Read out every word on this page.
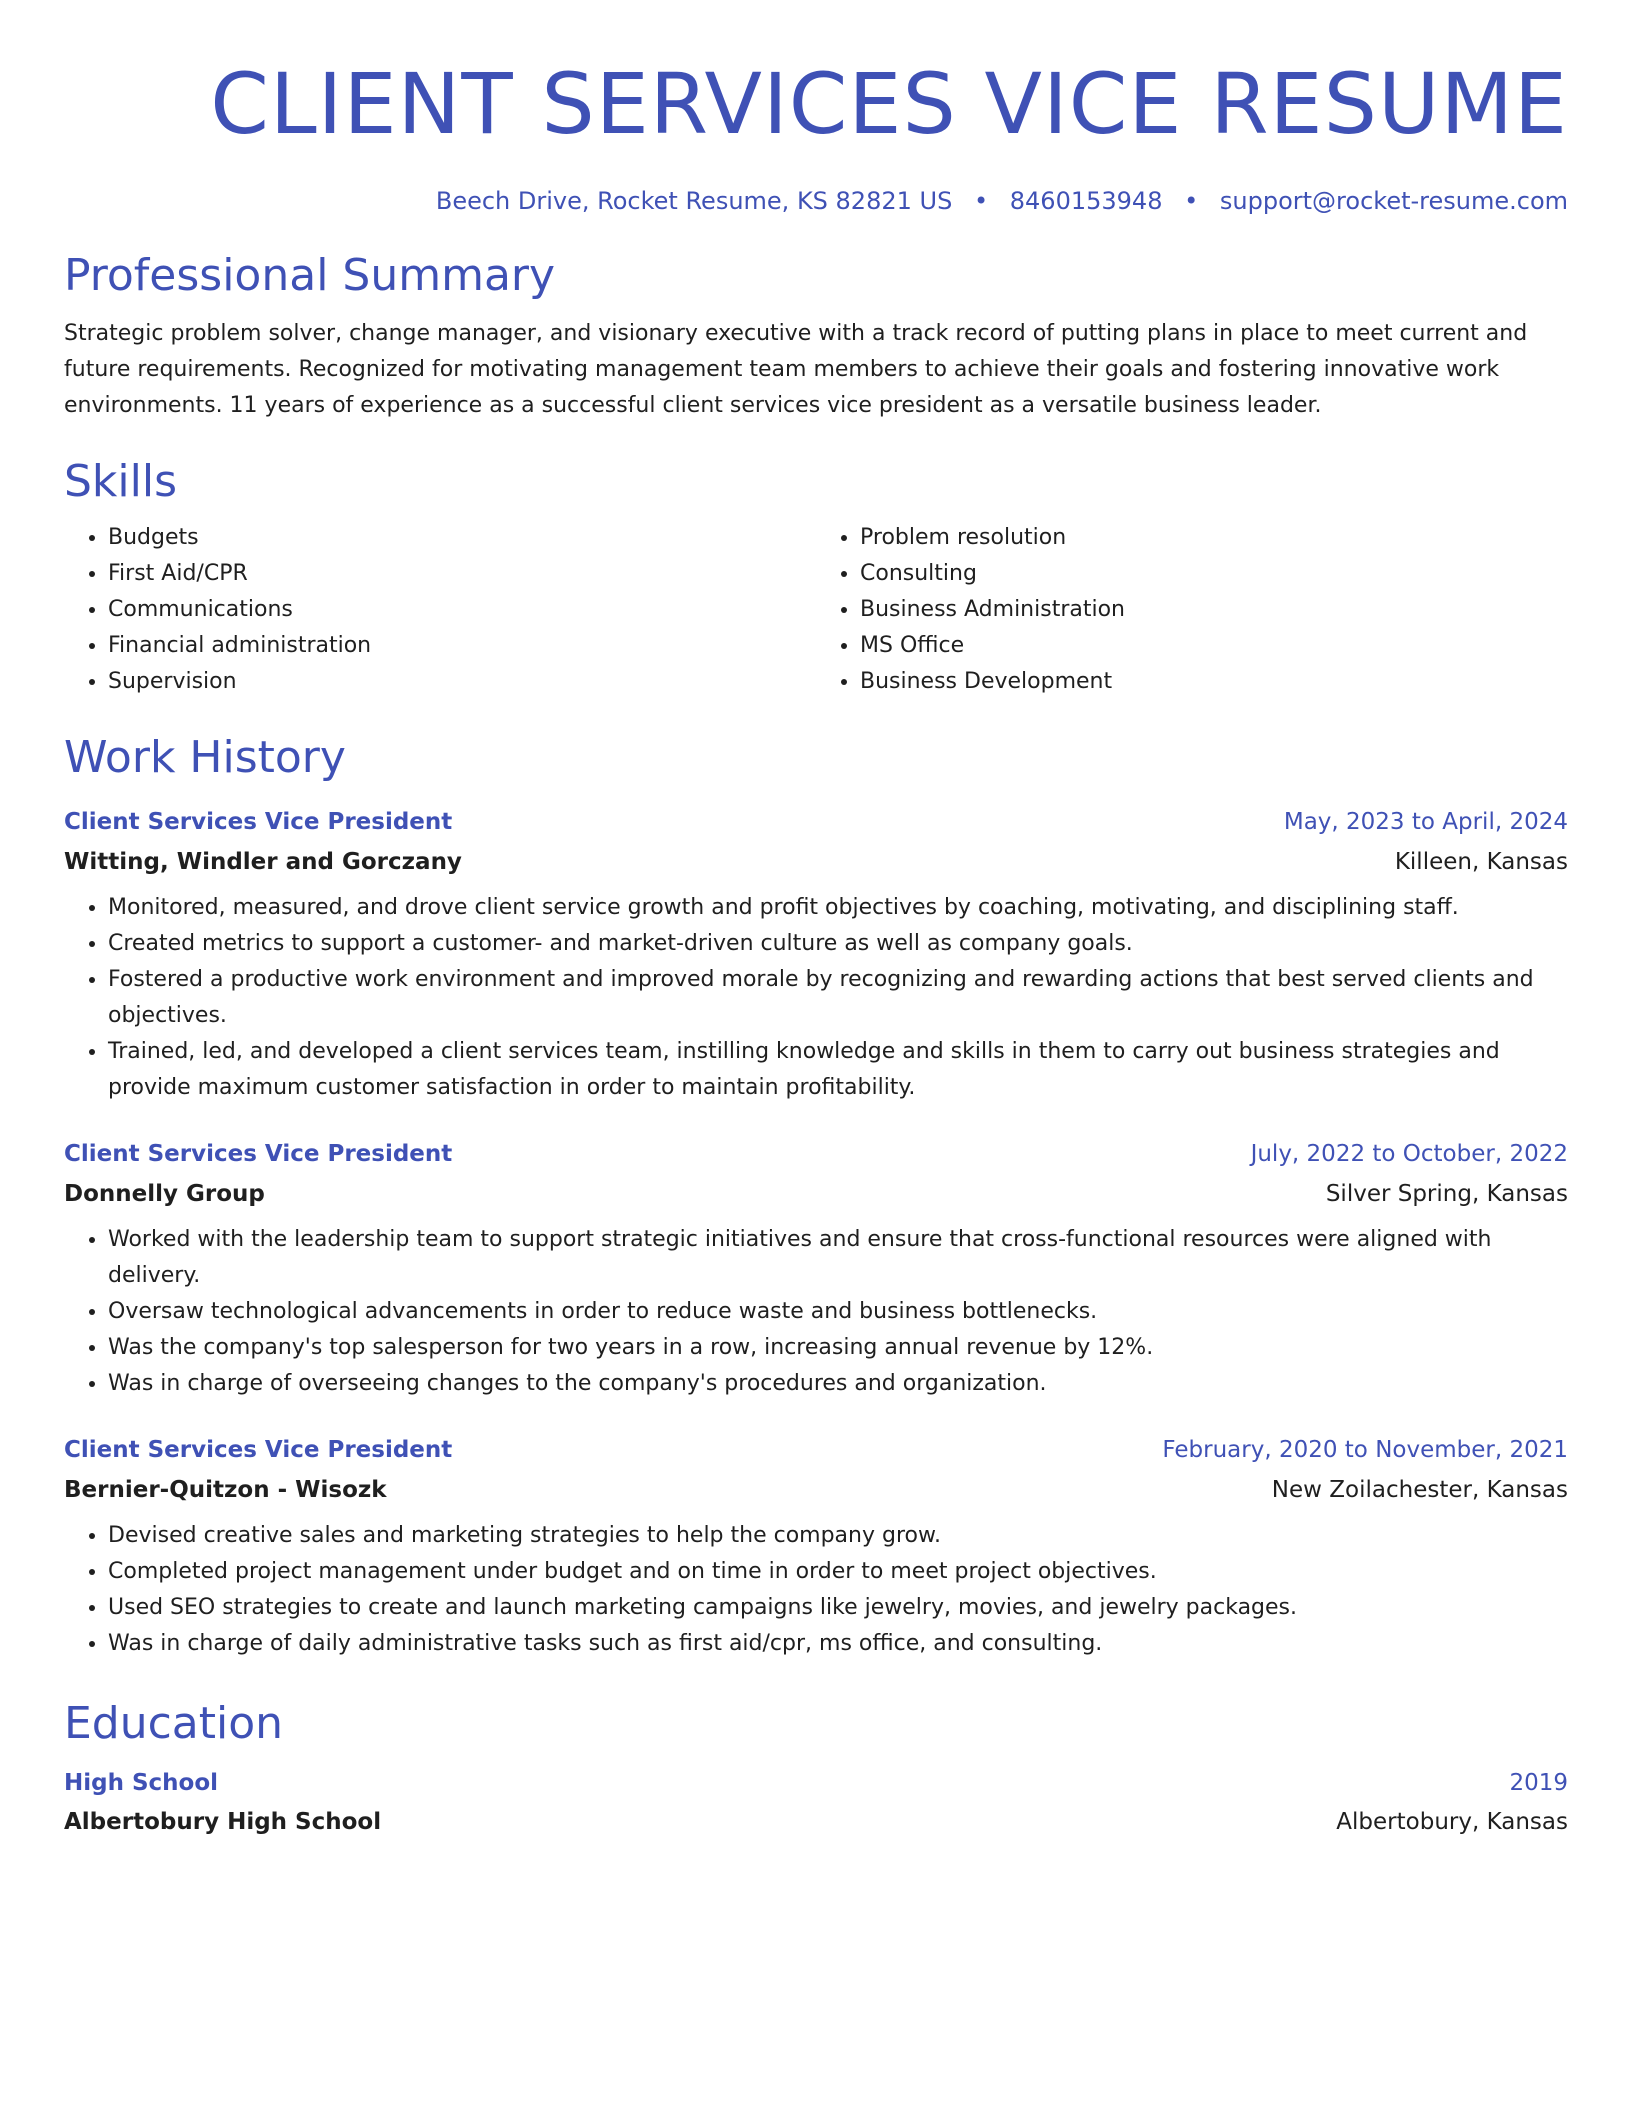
CLIENT SERVICES VICE RESUME
Beech Drive, Rocket Resume, KS 82821 US • 8460153948 • support@rocket-resume.com
Professional Summary
Strategic problem solver, change manager, and visionary executive with a track record of putting plans in place to meet current and future requirements. Recognized for motivating management team members to achieve their goals and fostering innovative work environments. 11 years of experience as a successful client services vice president as a versatile business leader.
Skills
• Budgets
• First Aid/CPR
• Communications
• Financial administration
• Supervision
• Problem resolution
• Consulting
• Business Administration
• MS Office
• Business Development
Work History
Client Services Vice President	May, 2023 to April, 2024
Witting, Windler and Gorczany	Killeen, Kansas
• Monitored, measured, and drove client service growth and profit objectives by coaching, motivating, and disciplining staff.
• Created metrics to support a customer- and market-driven culture as well as company goals.
• Fostered a productive work environment and improved morale by recognizing and rewarding actions that best served clients and objectives.
• Trained, led, and developed a client services team, instilling knowledge and skills in them to carry out business strategies and provide maximum customer satisfaction in order to maintain profitability.
Client Services Vice President	July, 2022 to October, 2022
Donnelly Group	Silver Spring, Kansas
• Worked with the leadership team to support strategic initiatives and ensure that cross-functional resources were aligned with delivery.
• Oversaw technological advancements in order to reduce waste and business bottlenecks.
• Was the company's top salesperson for two years in a row, increasing annual revenue by 12%.
• Was in charge of overseeing changes to the company's procedures and organization.
Client Services Vice President	February, 2020 to November, 2021
Bernier-Quitzon - Wisozk	New Zoilachester, Kansas
• Devised creative sales and marketing strategies to help the company grow.
• Completed project management under budget and on time in order to meet project objectives.
• Used SEO strategies to create and launch marketing campaigns like jewelry, movies, and jewelry packages.
• Was in charge of daily administrative tasks such as first aid/cpr, ms office, and consulting.
Education
High School	2019
Albertobury High School	Albertobury, Kansas
